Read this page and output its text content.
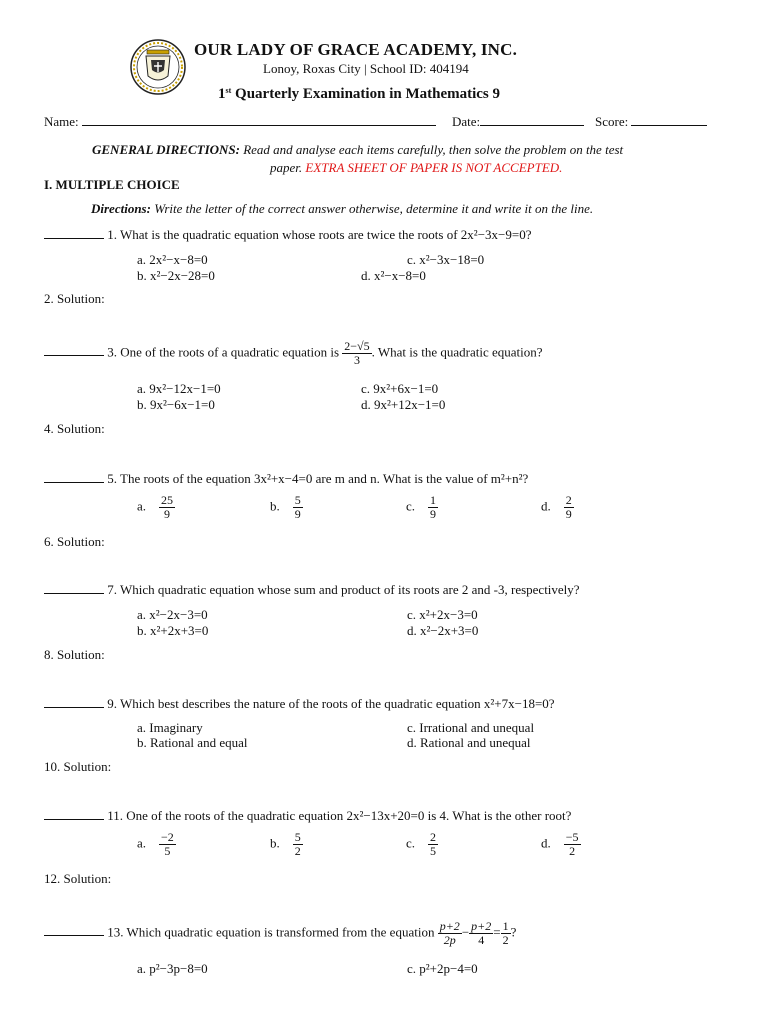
OUR LADY OF GRACE ACADEMY, INC.
Lonoy, Roxas City | School ID: 404194
1st Quarterly Examination in Mathematics 9
Name:	Date:	Score:
GENERAL DIRECTIONS: Read and analyse each items carefully, then solve the problem on the test
paper. EXTRA SHEET OF PAPER IS NOT ACCEPTED.
I. MULTIPLE CHOICE
Directions: Write the letter of the correct answer otherwise, determine it and write it on the line.
1. What is the quadratic equation whose roots are twice the roots of 2x²−3x−9=0?
a. 2x²−x−8=0
b. x²−2x−28=0
c. x²−3x−18=0
d. x²−x−8=0
2. Solution:
3. One of the roots of a quadratic equation is $\frac{2-√5}{3}$ . What is the quadratic equation?
a. 9x²−12x−1=0
b. 9x²−6x−1=0
c. 9x²+6x−1=0
d. 9x²+12x−1=0
4. Solution:
5. The roots of the equation 3x²+x−4=0 are m and n. What is the value of m²+n²?
a. $\frac{25}{9}$	b. $\frac{5}{9}$	c. $\frac{1}{9}$	d. $\frac{2}{9}$
6. Solution:
7. Which quadratic equation whose sum and product of its roots are 2 and -3, respectively?
a. x²−2x−3=0
b. x²+2x+3=0
c. x²+2x−3=0
d. x²−2x+3=0
8. Solution:
9. Which best describes the nature of the roots of the quadratic equation x²+7x−18=0?
a. Imaginary
b. Rational and equal
c. Irrational and unequal
d. Rational and unequal
10. Solution:
11. One of the roots of the quadratic equation 2x²−13x+20=0 is 4. What is the other root?
a. $\frac{-2}{5}$	b. $\frac{5}{2}$	c. $\frac{2}{5}$	d. $\frac{-5}{2}$
12. Solution:
13. Which quadratic equation is transformed from the equation $\frac{p+2}{2p} - \frac{p+2}{4} = \frac{1}{2}$ ?
a. p²−3p−8=0	c. p²+2p−4=0
